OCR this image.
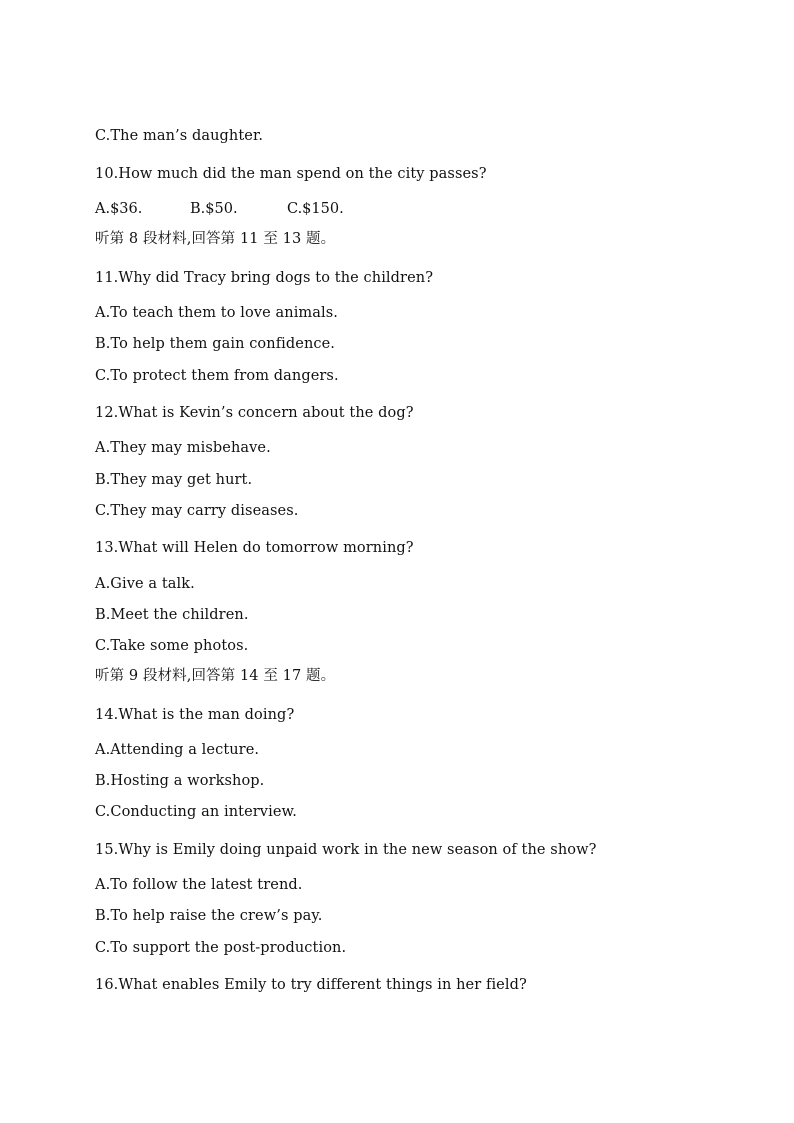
C.The man’s daughter.
10.How much did the man spend on the city passes?

A.$36.

	B.$50.

	C.$150.

听第 8 段材料,回答第 11 至 13 题。
11.Why did Tracy bring dogs to the children?
A.To teach them to love animals.
B.To help them gain confidence.
C.To protect them from dangers.
12.What is Kevin’s concern about the dog?
A.They may misbehave.
B.They may get hurt.
C.They may carry diseases.
13.What will Helen do tomorrow morning?
A.Give a talk.
B.Meet the children.
C.Take some photos.
听第 9 段材料,回答第 14 至 17 题。
14.What is the man doing?
A.Attending a lecture.
B.Hosting a workshop.
C.Conducting an interview.
15.Why is Emily doing unpaid work in the new season of the show?
A.To follow the latest trend.
B.To help raise the crew’s pay.
C.To support the post-production.
16.What enables Emily to try different things in her field?
